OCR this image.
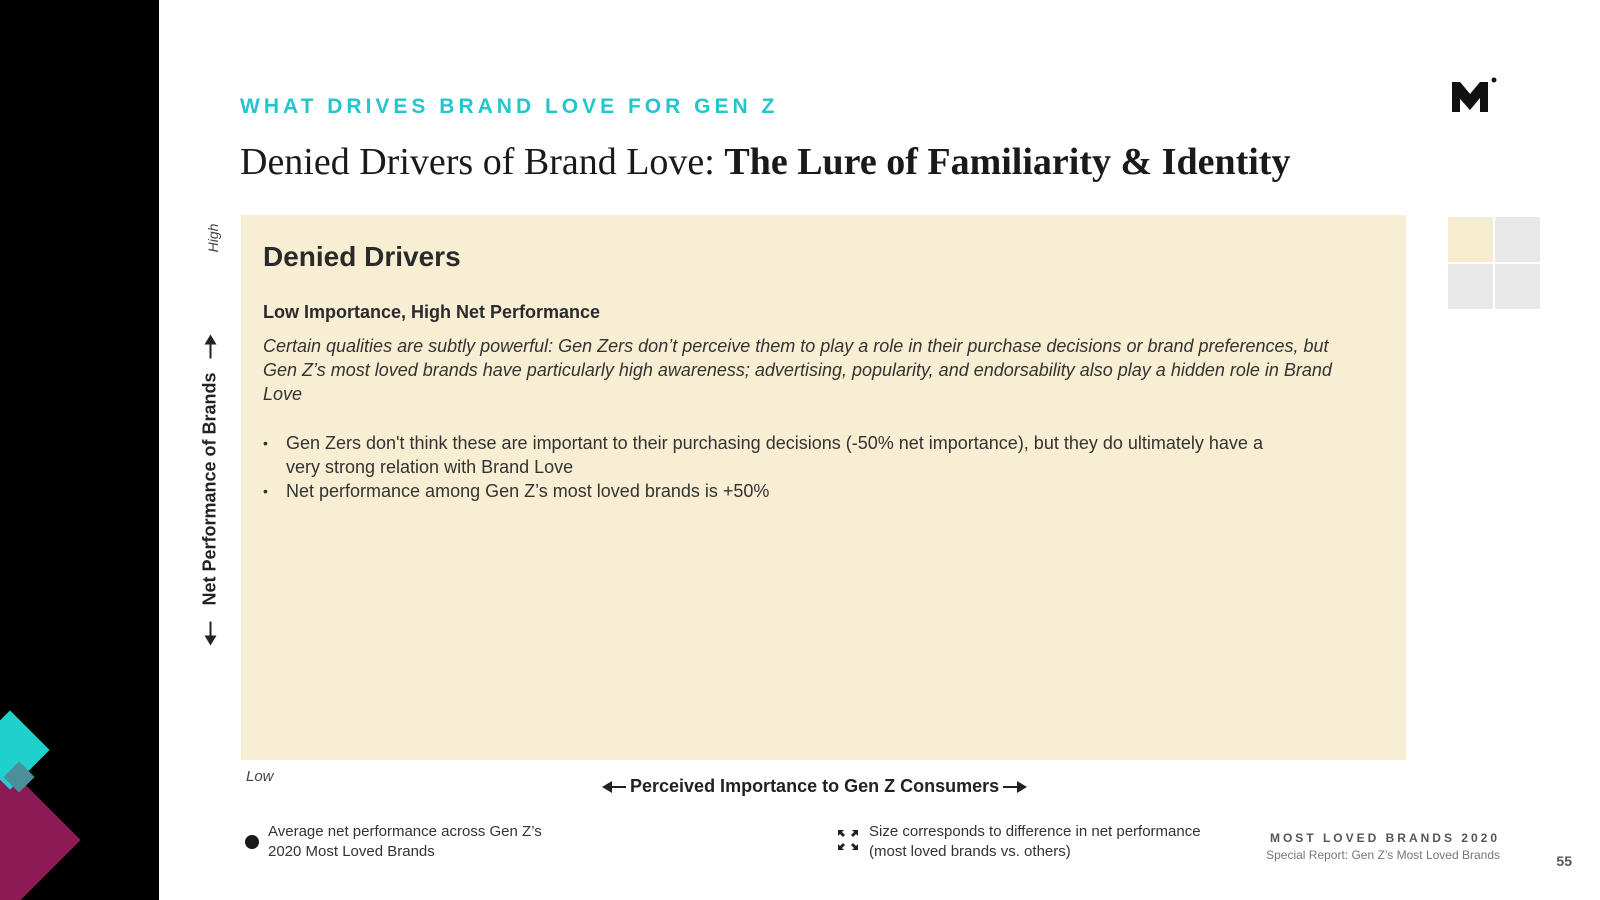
WHAT DRIVES BRAND LOVE FOR GEN Z
Denied Drivers of Brand Love: The Lure of Familiarity & Identity
High
Net Performance of Brands
Denied Drivers
Low Importance, High Net Performance
Certain qualities are subtly powerful: Gen Zers don’t perceive them to play a role in their purchase decisions or brand preferences, but Gen Z’s most loved brands have particularly high awareness; advertising, popularity, and endorsability also play a hidden role in Brand Love
• Gen Zers don't think these are important to their purchasing decisions (-50% net importance), but they do ultimately have a very strong relation with Brand Love
• Net performance among Gen Z’s most loved brands is +50%
Low	Perceived Importance to Gen Z Consumers
Average net performance across Gen Z’s 2020 Most Loved Brands
Size corresponds to difference in net performance (most loved brands vs. others)
MOST LOVED BRANDS 2020
Special Report: Gen Z’s Most Loved Brands	55
